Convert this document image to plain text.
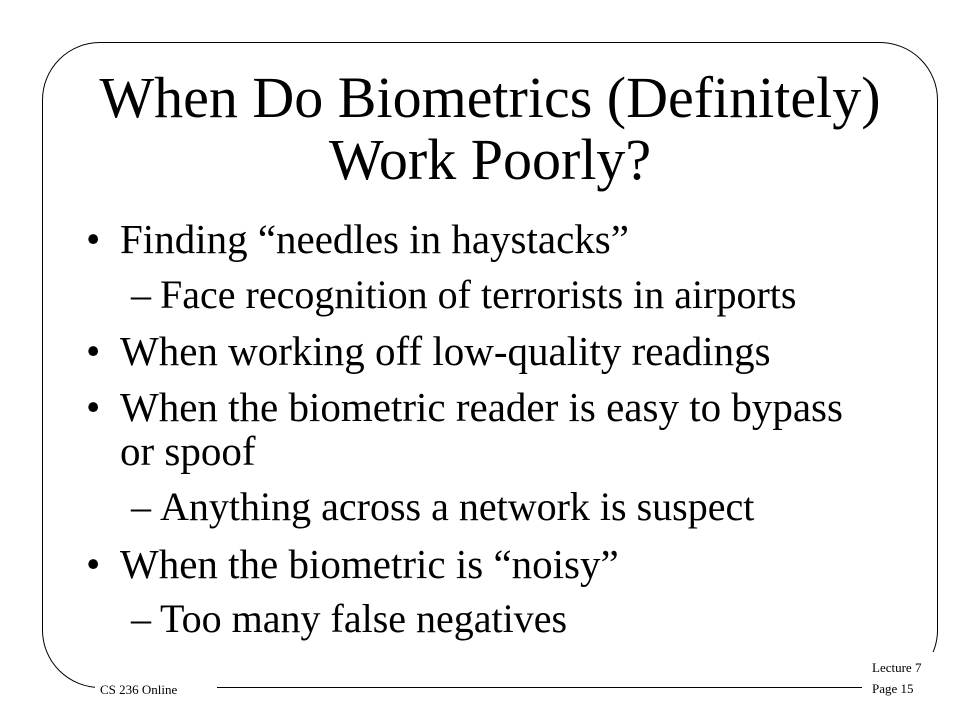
When Do Biometrics (Definitely)
Work Poorly?
• Finding “needles in haystacks”
– Face recognition of terrorists in airports
• When working off low-quality readings
• When the biometric reader is easy to bypass or spoof
– Anything across a network is suspect
• When the biometric is “noisy”
– Too many false negatives
CS 236 Online
Lecture 7
Page 15
